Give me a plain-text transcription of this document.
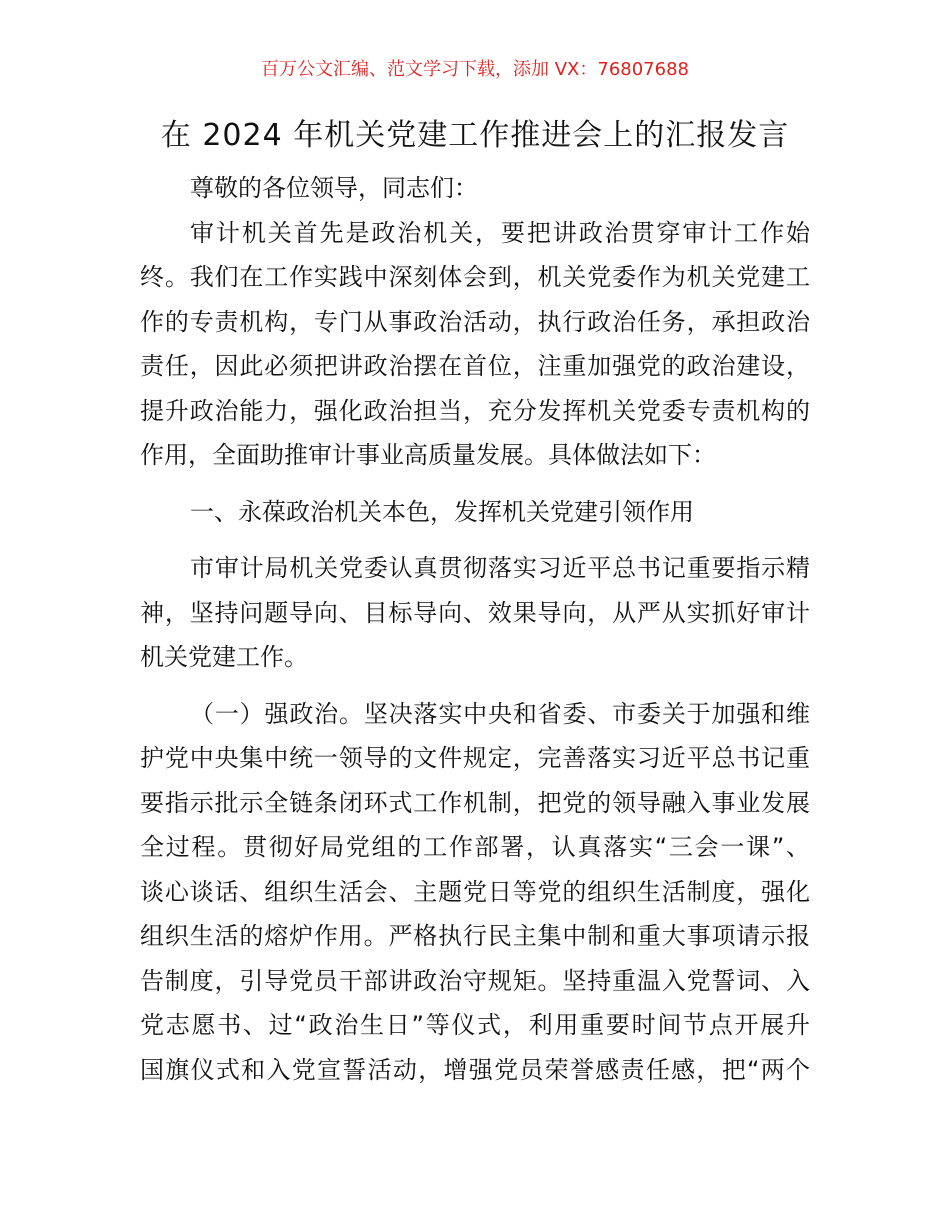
百万公文汇编、范文学习下载，添加 VX：76807688
在 2024 年机关党建工作推进会上的汇报发言
尊敬的各位领导，同志们：
审计机关首先是政治机关，要把讲政治贯穿审计工作始
终。我们在工作实践中深刻体会到，机关党委作为机关党建工
作的专责机构，专门从事政治活动，执行政治任务，承担政治
责任，因此必须把讲政治摆在首位，注重加强党的政治建设，
提升政治能力，强化政治担当，充分发挥机关党委专责机构的
作用，全面助推审计事业高质量发展。具体做法如下：
一、永葆政治机关本色，发挥机关党建引领作用
市审计局机关党委认真贯彻落实习近平总书记重要指示精
神，坚持问题导向、目标导向、效果导向，从严从实抓好审计
机关党建工作。
（一）强政治。坚决落实中央和省委、市委关于加强和维
护党中央集中统一领导的文件规定，完善落实习近平总书记重
要指示批示全链条闭环式工作机制，把党的领导融入事业发展
全过程。贯彻好局党组的工作部署，认真落实“三会一课”、
谈心谈话、组织生活会、主题党日等党的组织生活制度，强化
组织生活的熔炉作用。严格执行民主集中制和重大事项请示报
告制度，引导党员干部讲政治守规矩。坚持重温入党誓词、入
党志愿书、过“政治生日”等仪式，利用重要时间节点开展升
国旗仪式和入党宣誓活动，增强党员荣誉感责任感，把“两个
